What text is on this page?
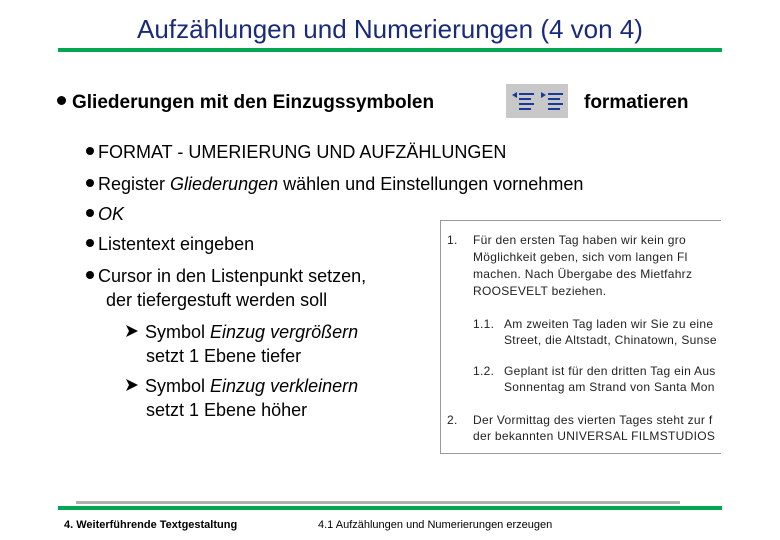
Aufzählungen und Numerierungen (4 von 4)
Gliederungen mit den Einzugssymbolen	formatieren
FORMAT - UMERIERUNG UND AUFZÄHLUNGEN
Register Gliederungen wählen und Einstellungen vornehmen
OK
Listentext eingeben
Cursor in den Listenpunkt setzen,
der tiefergestuft werden soll
Symbol Einzug vergrößern
setzt 1 Ebene tiefer
Symbol Einzug verkleinern
setzt 1 Ebene höher
1. Für den ersten Tag haben wir kein gro
Möglichkeit geben, sich vom langen Fl
machen. Nach Übergabe des Mietfahrz
ROOSEVELT beziehen.
1.1. Am zweiten Tag laden wir Sie zu eine
Street, die Altstadt, Chinatown, Sunse
1.2. Geplant ist für den dritten Tag ein Aus
Sonnentag am Strand von Santa Mon
2. Der Vormittag des vierten Tages steht zur f
der bekannten UNIVERSAL FILMSTUDIOS
4. Weiterführende Textgestaltung	4.1 Aufzählungen und Numerierungen erzeugen
